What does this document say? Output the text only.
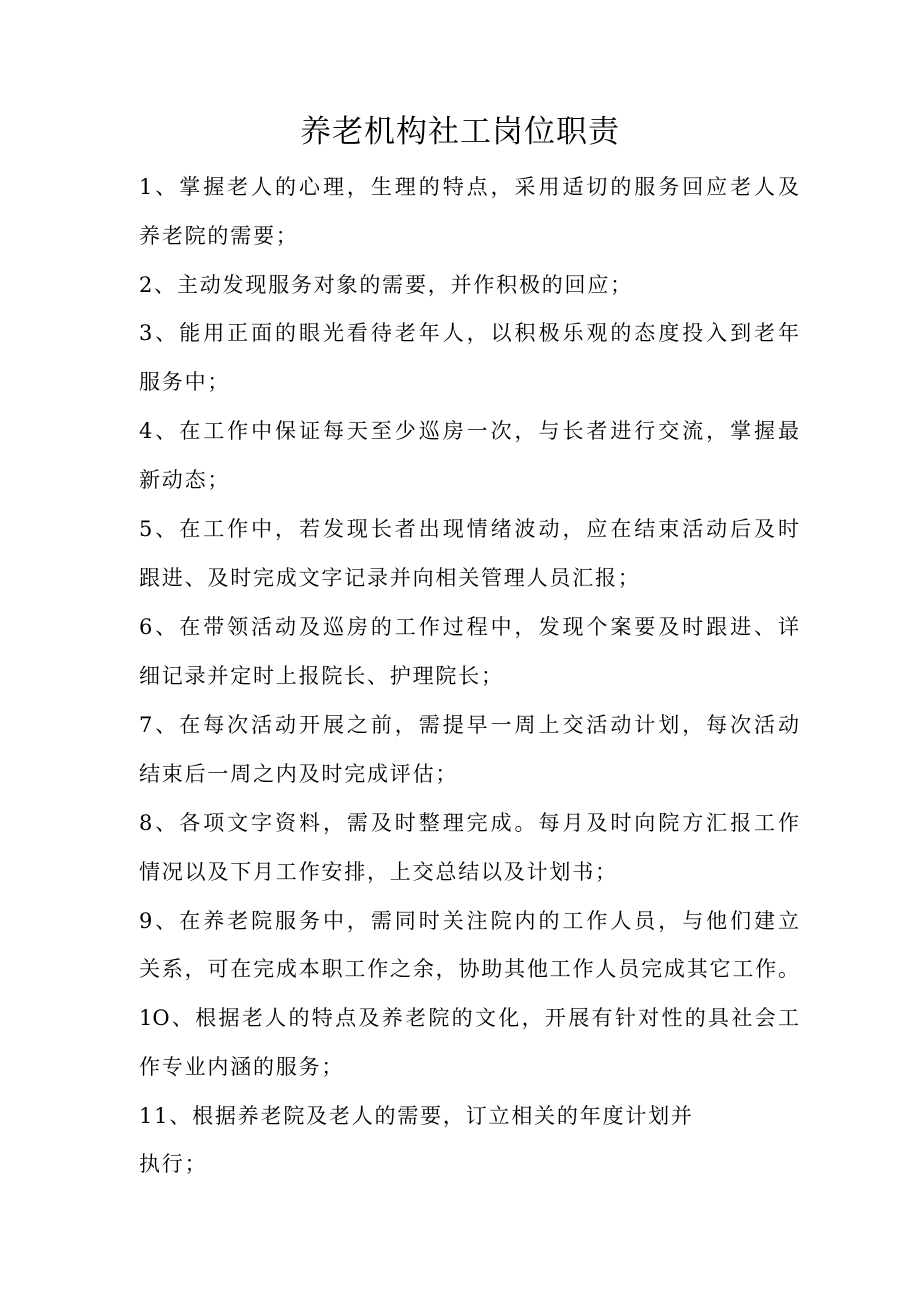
养老机构社工岗位职责
1、掌握老人的心理，生理的特点，采用适切的服务回应老人及
养老院的需要；
2、主动发现服务对象的需要，并作积极的回应；
3、能用正面的眼光看待老年人，以积极乐观的态度投入到老年
服务中；
4、在工作中保证每天至少巡房一次，与长者进行交流，掌握最
新动态；
5、在工作中，若发现长者出现情绪波动，应在结束活动后及时
跟进、及时完成文字记录并向相关管理人员汇报；
6、在带领活动及巡房的工作过程中，发现个案要及时跟进、详
细记录并定时上报院长、护理院长；
7、在每次活动开展之前，需提早一周上交活动计划，每次活动
结束后一周之内及时完成评估；
8、各项文字资料，需及时整理完成。每月及时向院方汇报工作
情况以及下月工作安排，上交总结以及计划书；
9、在养老院服务中，需同时关注院内的工作人员，与他们建立
关系，可在完成本职工作之余，协助其他工作人员完成其它工作。
1O、根据老人的特点及养老院的文化，开展有针对性的具社会工
作专业内涵的服务；
11、根据养老院及老人的需要，订立相关的年度计划并
执行；
